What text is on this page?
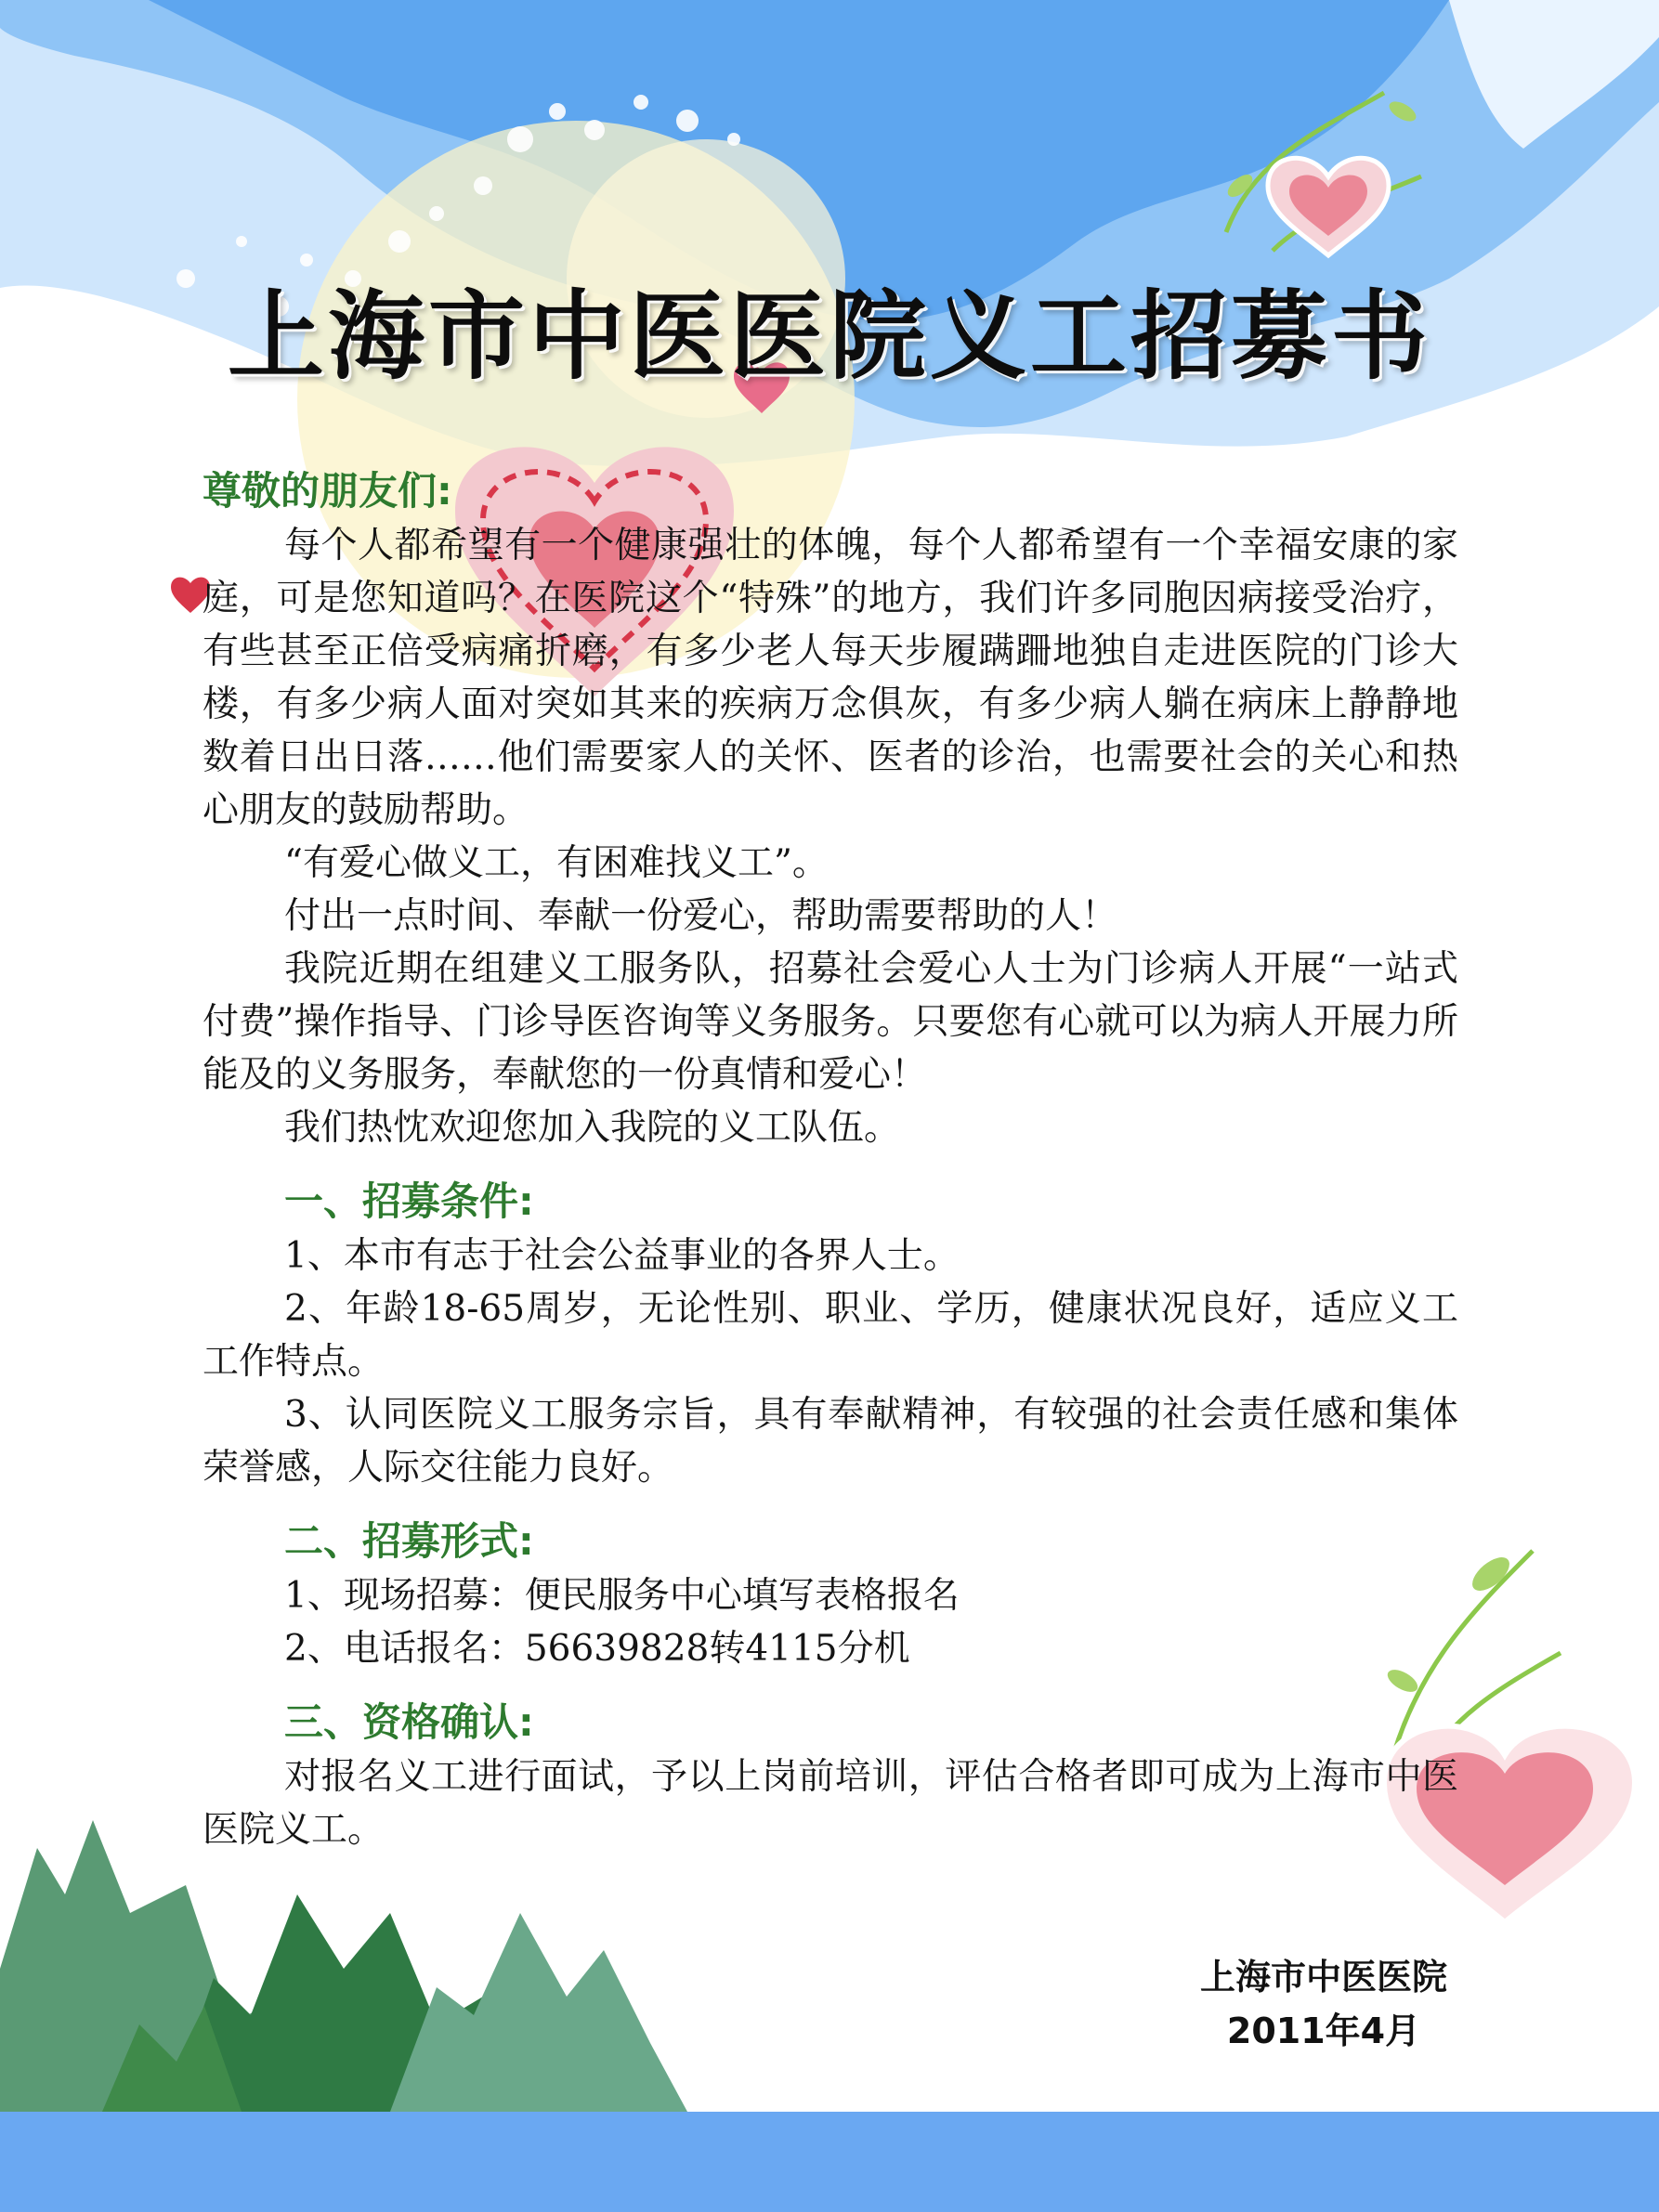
上海市中医医院义工招募书

尊敬的朋友们:

每个人都希望有一个健康强壮的体魄，每个人都希望有一个幸福安康的家庭，可是您知道吗？在医院这个“特殊”的地方，我们许多同胞因病接受治疗，有些甚至正倍受病痛折磨，有多少老人每天步履蹒跚地独自走进医院的门诊大楼，有多少病人面对突如其来的疾病万念俱灰，有多少病人躺在病床上静静地数着日出日落……他们需要家人的关怀、医者的诊治，也需要社会的关心和热心朋友的鼓励帮助。

“有爱心做义工，有困难找义工”。

付出一点时间、奉献一份爱心，帮助需要帮助的人！

我院近期在组建义工服务队，招募社会爱心人士为门诊病人开展“一站式付费”操作指导、门诊导医咨询等义务服务。只要您有心就可以为病人开展力所能及的义务服务，奉献您的一份真情和爱心！

我们热忱欢迎您加入我院的义工队伍。

一、招募条件:

1、本市有志于社会公益事业的各界人士。

2、年龄18-65周岁，无论性别、职业、学历，健康状况良好，适应义工工作特点。

3、认同医院义工服务宗旨，具有奉献精神，有较强的社会责任感和集体荣誉感，人际交往能力良好。

二、招募形式:

1、现场招募：便民服务中心填写表格报名

2、电话报名：56639828转4115分机

三、资格确认:

对报名义工进行面试，予以上岗前培训，评估合格者即可成为上海市中医医院义工。

上海市中医医院
2011年4月
